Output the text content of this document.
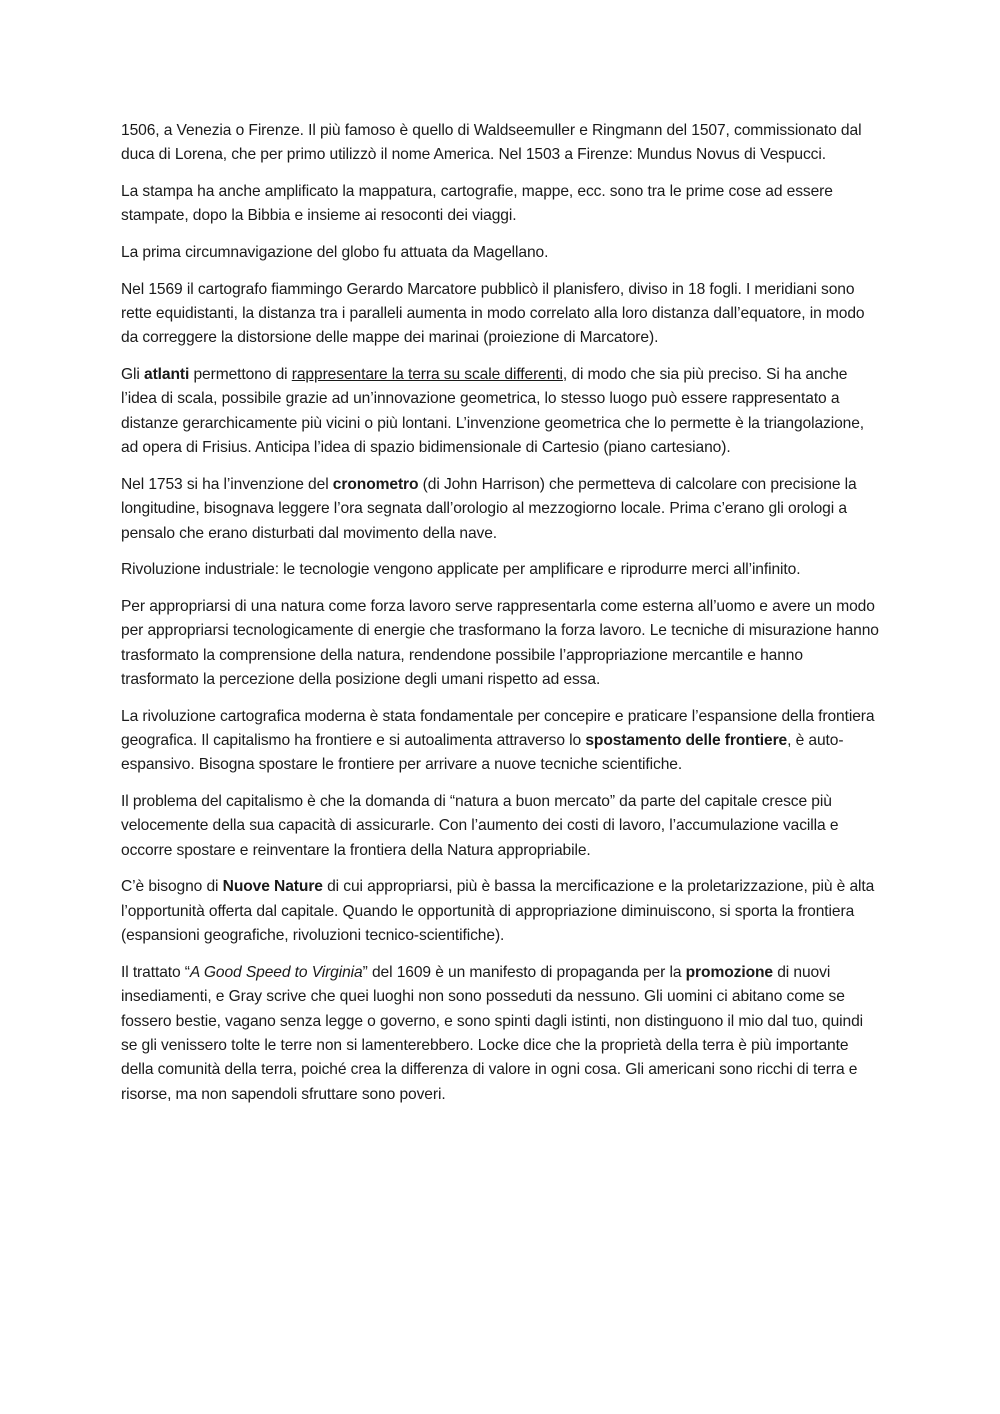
1506, a Venezia o Firenze. Il più famoso è quello di Waldseemuller e Ringmann del 1507, commissionato dal duca di Lorena, che per primo utilizzò il nome America. Nel 1503 a Firenze: Mundus Novus di Vespucci.

La stampa ha anche amplificato la mappatura, cartografie, mappe, ecc. sono tra le prime cose ad essere stampate, dopo la Bibbia e insieme ai resoconti dei viaggi.

La prima circumnavigazione del globo fu attuata da Magellano.

Nel 1569 il cartografo fiammingo Gerardo Marcatore pubblicò il planisfero, diviso in 18 fogli. I meridiani sono rette equidistanti, la distanza tra i paralleli aumenta in modo correlato alla loro distanza dall’equatore, in modo da correggere la distorsione delle mappe dei marinai (proiezione di Marcatore).

Gli atlanti permettono di rappresentare la terra su scale differenti, di modo che sia più preciso. Si ha anche l’idea di scala, possibile grazie ad un’innovazione geometrica, lo stesso luogo può essere rappresentato a distanze gerarchicamente più vicini o più lontani. L’invenzione geometrica che lo permette è la triangolazione, ad opera di Frisius. Anticipa l’idea di spazio bidimensionale di Cartesio (piano cartesiano).

Nel 1753 si ha l’invenzione del cronometro (di John Harrison) che permetteva di calcolare con precisione la longitudine, bisognava leggere l’ora segnata dall’orologio al mezzogiorno locale. Prima c’erano gli orologi a pensalo che erano disturbati dal movimento della nave.

Rivoluzione industriale: le tecnologie vengono applicate per amplificare e riprodurre merci all’infinito.

Per appropriarsi di una natura come forza lavoro serve rappresentarla come esterna all’uomo e avere un modo per appropriarsi tecnologicamente di energie che trasformano la forza lavoro. Le tecniche di misurazione hanno trasformato la comprensione della natura, rendendone possibile l’appropriazione mercantile e hanno trasformato la percezione della posizione degli umani rispetto ad essa.

La rivoluzione cartografica moderna è stata fondamentale per concepire e praticare l’espansione della frontiera geografica. Il capitalismo ha frontiere e si autoalimenta attraverso lo spostamento delle frontiere, è auto-espansivo. Bisogna spostare le frontiere per arrivare a nuove tecniche scientifiche.

Il problema del capitalismo è che la domanda di “natura a buon mercato” da parte del capitale cresce più velocemente della sua capacità di assicurarle. Con l’aumento dei costi di lavoro, l’accumulazione vacilla e occorre spostare e reinventare la frontiera della Natura appropriabile.

C’è bisogno di Nuove Nature di cui appropriarsi, più è bassa la mercificazione e la proletarizzazione, più è alta l’opportunità offerta dal capitale. Quando le opportunità di appropriazione diminuiscono, si sporta la frontiera (espansioni geografiche, rivoluzioni tecnico-scientifiche).

Il trattato “A Good Speed to Virginia” del 1609 è un manifesto di propaganda per la promozione di nuovi insediamenti, e Gray scrive che quei luoghi non sono posseduti da nessuno. Gli uomini ci abitano come se fossero bestie, vagano senza legge o governo, e sono spinti dagli istinti, non distinguono il mio dal tuo, quindi se gli venissero tolte le terre non si lamenterebbero. Locke dice che la proprietà della terra è più importante della comunità della terra, poiché crea la differenza di valore in ogni cosa. Gli americani sono ricchi di terra e risorse, ma non sapendoli sfruttare sono poveri.
